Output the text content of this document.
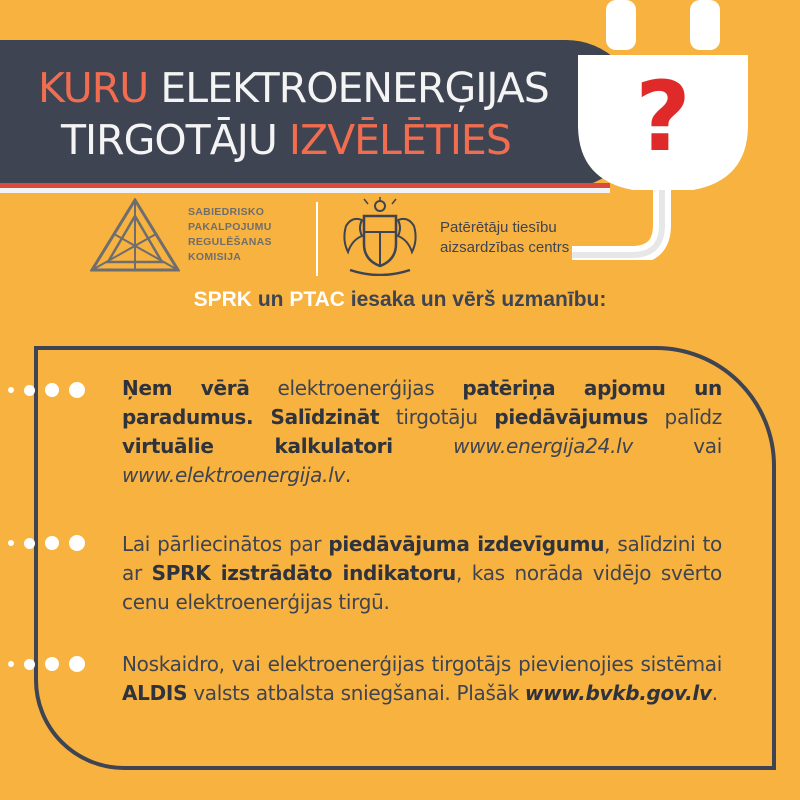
KURU ELEKTROENERĢIJAS
TIRGOTĀJU IZVĒLĒTIES	?
SABIEDRISKO
PAKALPOJUMU
REGULĒŠANAS
KOMISIJA
Patērētāju tiesību
aizsardzības centrs
SPRK un PTAC iesaka un vērš uzmanību:
Ņem vērā elektroenerģijas patēriņa apjomu un paradumus. Salīdzināt tirgotāju piedāvājumus palīdz virtuālie kalkulatori	www.energija24.lv vai www.elektroenergija.lv.
Lai pārliecinātos par piedāvājuma izdevīgumu, salīdzini to ar SPRK izstrādāto indikatoru, kas norāda vidējo svērto cenu elektroenerģijas tirgū.
Noskaidro, vai elektroenerģijas tirgotājs pievienojies sistēmai ALDIS valsts atbalsta sniegšanai. Plašāk www.bvkb.gov.lv.
